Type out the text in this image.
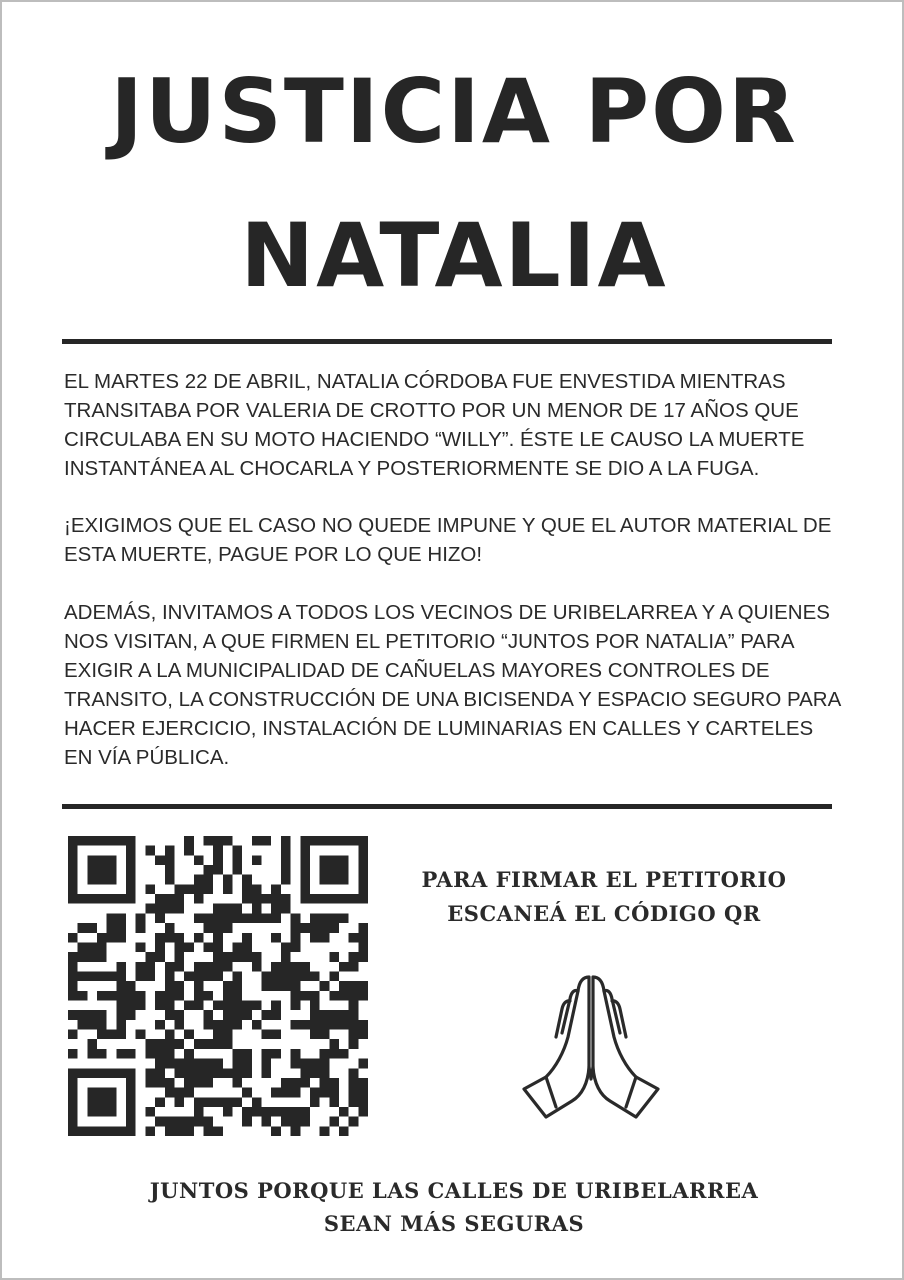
JUSTICIA POR
NATALIA

EL MARTES 22 DE ABRIL, NATALIA CÓRDOBA FUE ENVESTIDA MIENTRAS TRANSITABA POR VALERIA DE CROTTO POR UN MENOR DE 17 AÑOS QUE CIRCULABA EN SU MOTO HACIENDO “WILLY”. ÉSTE LE CAUSO LA MUERTE INSTANTÁNEA AL CHOCARLA Y POSTERIORMENTE SE DIO A LA FUGA.

¡EXIGIMOS QUE EL CASO NO QUEDE IMPUNE Y QUE EL AUTOR MATERIAL DE ESTA MUERTE, PAGUE POR LO QUE HIZO!

ADEMÁS, INVITAMOS A TODOS LOS VECINOS DE URIBELARREA Y A QUIENES NOS VISITAN, A QUE FIRMEN EL PETITORIO “JUNTOS POR NATALIA” PARA EXIGIR A LA MUNICIPALIDAD DE CAÑUELAS MAYORES CONTROLES DE TRANSITO, LA CONSTRUCCIÓN DE UNA BICISENDA Y ESPACIO SEGURO PARA HACER EJERCICIO, INSTALACIÓN DE LUMINARIAS EN CALLES Y CARTELES EN VÍA PÚBLICA.

PARA FIRMAR EL PETITORIO
ESCANEÁ EL CÓDIGO QR
JUNTOS PORQUE LAS CALLES DE URIBELARREA
SEAN MÁS SEGURAS
